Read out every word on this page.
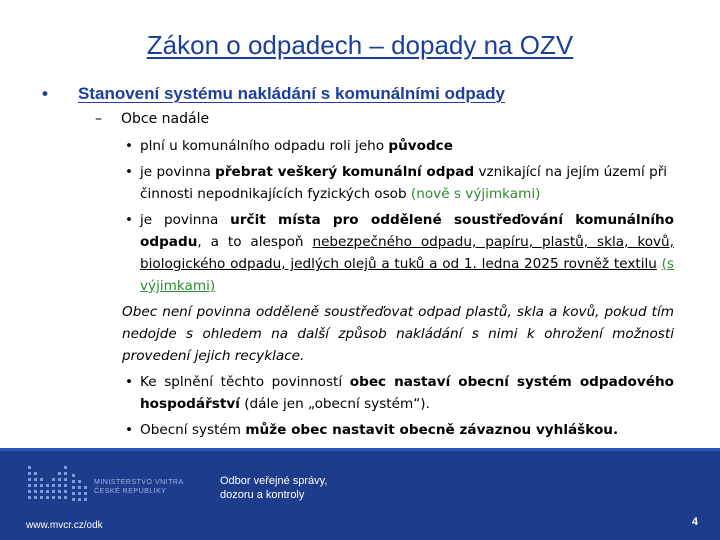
Zákon o odpadech – dopady na OZV
• Stanovení systému nakládání s komunálními odpady
– Obce nadále
• plní u komunálního odpadu roli jeho původce
• je povinna přebrat veškerý komunální odpad vznikající na jejím území při činnosti nepodnikajících fyzických osob (nově s výjimkami)
• je povinna určit místa pro oddělené soustřeďování komunálního odpadu, a to alespoň nebezpečného odpadu, papíru, plastů, skla, kovů, biologického odpadu, jedlých olejů a tuků a od 1. ledna 2025 rovněž textilu (s výjimkami)
Obec není povinna odděleně soustřeďovat odpad plastů, skla a kovů, pokud tím nedojde s ohledem na další způsob nakládání s nimi k ohrožení možnosti provedení jejich recyklace.
• Ke splnění těchto povinností obec nastaví obecní systém odpadového hospodářství (dále jen „obecní systém“).
• Obecní systém může obec nastavit obecně závaznou vyhláškou.
MINISTERSTVO VNITRA
ČESKÉ REPUBLIKY
Odbor veřejné správy,
dozoru a kontroly
www.mvcr.cz/odk	4
